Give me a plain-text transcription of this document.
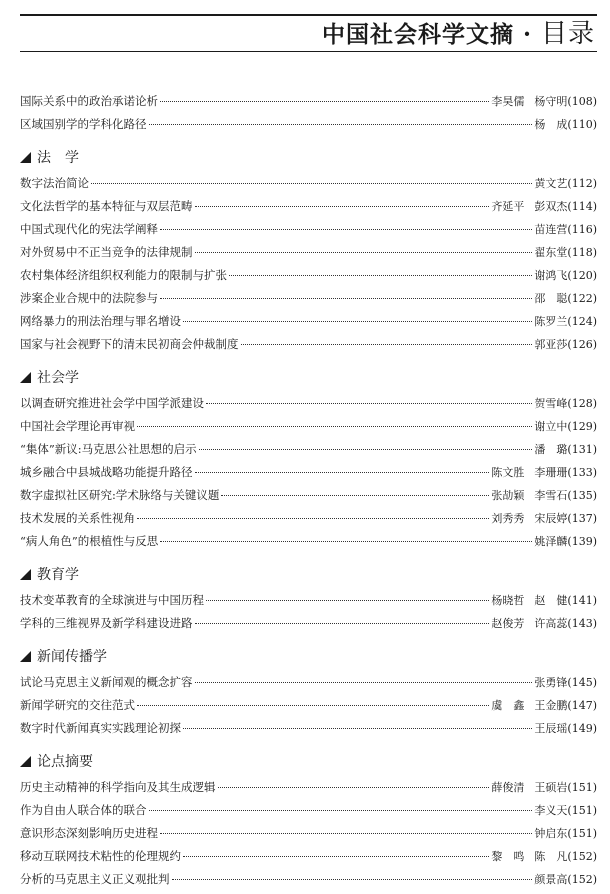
中国社会科学文摘 · 目录
国际关系中的政治承诺论析	李昊儒 杨守明 (108)
区域国别学的学科化路径	杨　成 (110)
法　学
数字法治简论	黄文艺 (112)
文化法哲学的基本特征与双层范畴	齐延平 彭双杰 (114)
中国式现代化的宪法学阐释	苗连营 (116)
对外贸易中不正当竞争的法律规制	翟东堂 (118)
农村集体经济组织权利能力的限制与扩张	谢鸿飞 (120)
涉案企业合规中的法院参与	邵　聪 (122)
网络暴力的刑法治理与罪名增设	陈罗兰 (124)
国家与社会视野下的清末民初商会仲裁制度	郭亚莎 (126)
社会学
以调查研究推进社会学中国学派建设	贺雪峰 (128)
中国社会学理论再审视	谢立中 (129)
“集体”新议:马克思公社思想的启示	潘　璐 (131)
城乡融合中县城战略功能提升路径	陈文胜 李珊珊 (133)
数字虚拟社区研究:学术脉络与关键议题	张劼颖 李雪石 (135)
技术发展的关系性视角	刘秀秀 宋辰婷 (137)
“病人角色”的根植性与反思	姚泽麟 (139)
教育学
技术变革教育的全球演进与中国历程	杨晓哲 赵　健 (141)
学科的三维视界及新学科建设进路	赵俊芳 许高蕊 (143)
新闻传播学
试论马克思主义新闻观的概念扩容	张勇锋 (145)
新闻学研究的交往范式	虞　鑫 王金鹏 (147)
数字时代新闻真实实践理论初探	王辰瑶 (149)
论点摘要
历史主动精神的科学指向及其生成逻辑	薛俊清 王硕岩 (151)
作为自由人联合体的联合	李义天 (151)
意识形态深刻影响历史进程	钟启东 (151)
移动互联网技术粘性的伦理规约	黎　鸣 陈　凡 (152)
分析的马克思主义正义观批判	颜景高 (152)
